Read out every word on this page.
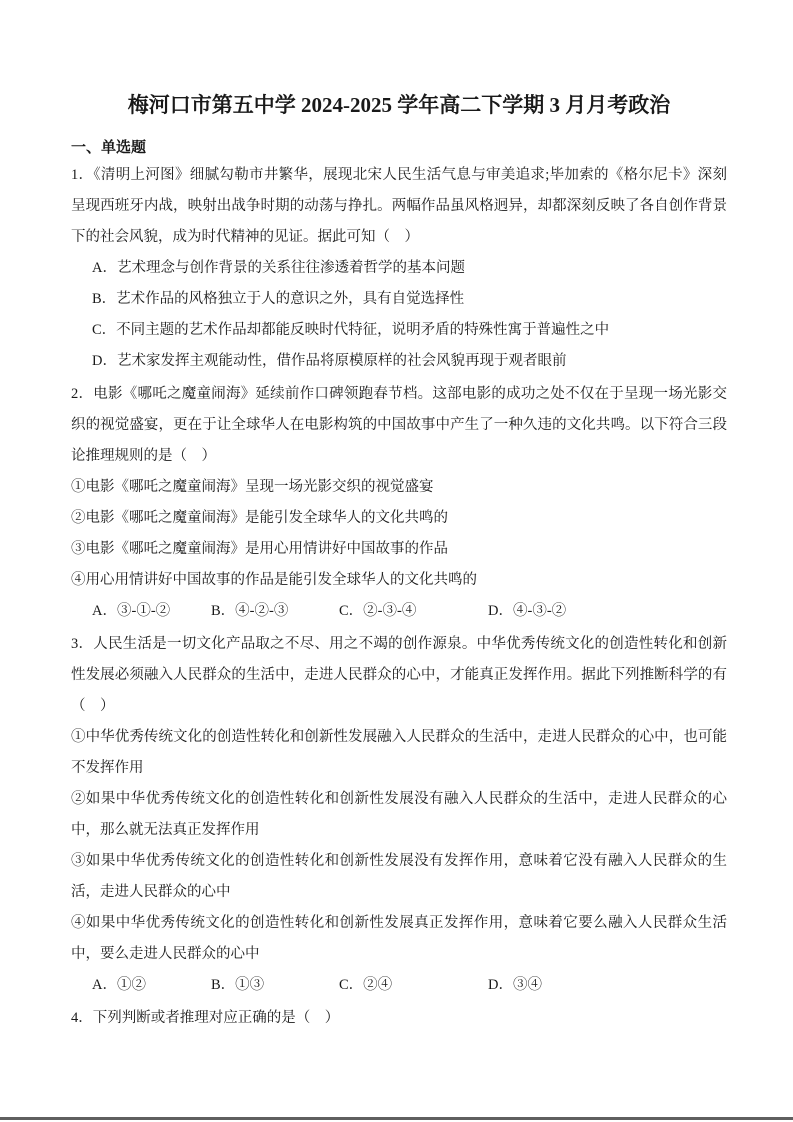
梅河口市第五中学 2024-2025 学年高二下学期 3 月月考政治
一、单选题

1．《清明上河图》细腻勾勒市井繁华，展现北宋人民生活气息与审美追求;毕加索的《格尔尼卡》深刻呈现西班牙内战，映射出战争时期的动荡与挣扎。两幅作品虽风格迥异，却都深刻反映了各自创作背景下的社会风貌，成为时代精神的见证。据此可知（　）

A．艺术理念与创作背景的关系往往渗透着哲学的基本问题

B．艺术作品的风格独立于人的意识之外，具有自觉选择性

C．不同主题的艺术作品却都能反映时代特征，说明矛盾的特殊性寓于普遍性之中

D．艺术家发挥主观能动性，借作品将原模原样的社会风貌再现于观者眼前

2．电影《哪吒之魔童闹海》延续前作口碑领跑春节档。这部电影的成功之处不仅在于呈现一场光影交织的视觉盛宴，更在于让全球华人在电影构筑的中国故事中产生了一种久违的文化共鸣。以下符合三段论推理规则的是（　）

①电影《哪吒之魔童闹海》呈现一场光影交织的视觉盛宴

②电影《哪吒之魔童闹海》是能引发全球华人的文化共鸣的

③电影《哪吒之魔童闹海》是用心用情讲好中国故事的作品

④用心用情讲好中国故事的作品是能引发全球华人的文化共鸣的

A．③-①-②	B．④-②-③	C．②-③-④	D．④-③-②

3．人民生活是一切文化产品取之不尽、用之不竭的创作源泉。中华优秀传统文化的创造性转化和创新性发展必须融入人民群众的生活中，走进人民群众的心中，才能真正发挥作用。据此下列推断科学的有（　）

①中华优秀传统文化的创造性转化和创新性发展融入人民群众的生活中，走进人民群众的心中，也可能不发挥作用

②如果中华优秀传统文化的创造性转化和创新性发展没有融入人民群众的生活中，走进人民群众的心中，那么就无法真正发挥作用

③如果中华优秀传统文化的创造性转化和创新性发展没有发挥作用，意味着它没有融入人民群众的生活，走进人民群众的心中

④如果中华优秀传统文化的创造性转化和创新性发展真正发挥作用，意味着它要么融入人民群众生活中，要么走进人民群众的心中

A．①②	B．①③	C．②④	D．③④

4．下列判断或者推理对应正确的是（　）
